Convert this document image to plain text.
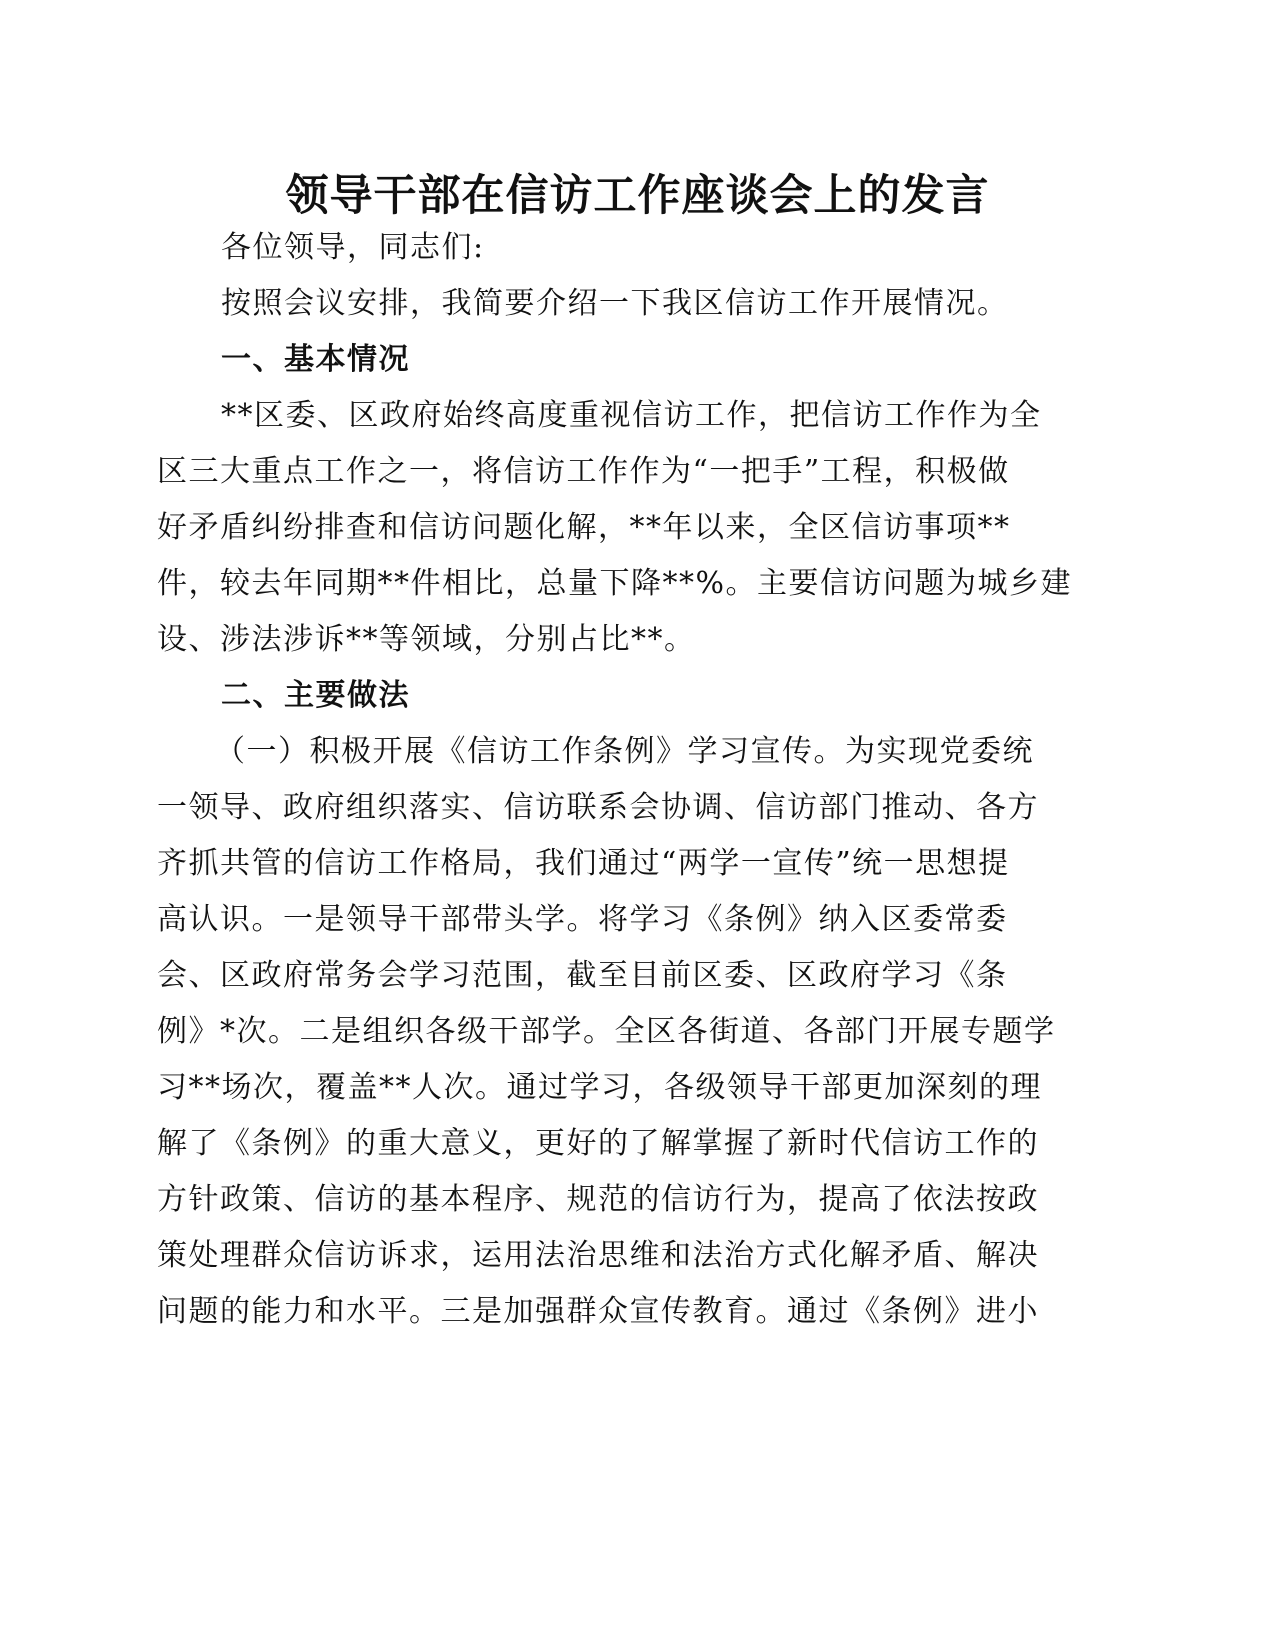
领导干部在信访工作座谈会上的发言
各位领导，同志们:
按照会议安排，我简要介绍一下我区信访工作开展情况。
一、基本情况
**区委、区政府始终高度重视信访工作，把信访工作作为全
区三大重点工作之一，将信访工作作为“一把手”工程，积极做
好矛盾纠纷排查和信访问题化解，**年以来，全区信访事项**
件，较去年同期**件相比，总量下降**%。主要信访问题为城乡建
设、涉法涉诉**等领域，分别占比**。
二、主要做法
（一）积极开展《信访工作条例》学习宣传。为实现党委统
一领导、政府组织落实、信访联系会协调、信访部门推动、各方
齐抓共管的信访工作格局，我们通过“两学一宣传”统一思想提
高认识。一是领导干部带头学。将学习《条例》纳入区委常委
会、区政府常务会学习范围，截至目前区委、区政府学习《条
例》*次。二是组织各级干部学。全区各街道、各部门开展专题学
习**场次，覆盖**人次。通过学习，各级领导干部更加深刻的理
解了《条例》的重大意义，更好的了解掌握了新时代信访工作的
方针政策、信访的基本程序、规范的信访行为，提高了依法按政
策处理群众信访诉求，运用法治思维和法治方式化解矛盾、解决
问题的能力和水平。三是加强群众宣传教育。通过《条例》进小
